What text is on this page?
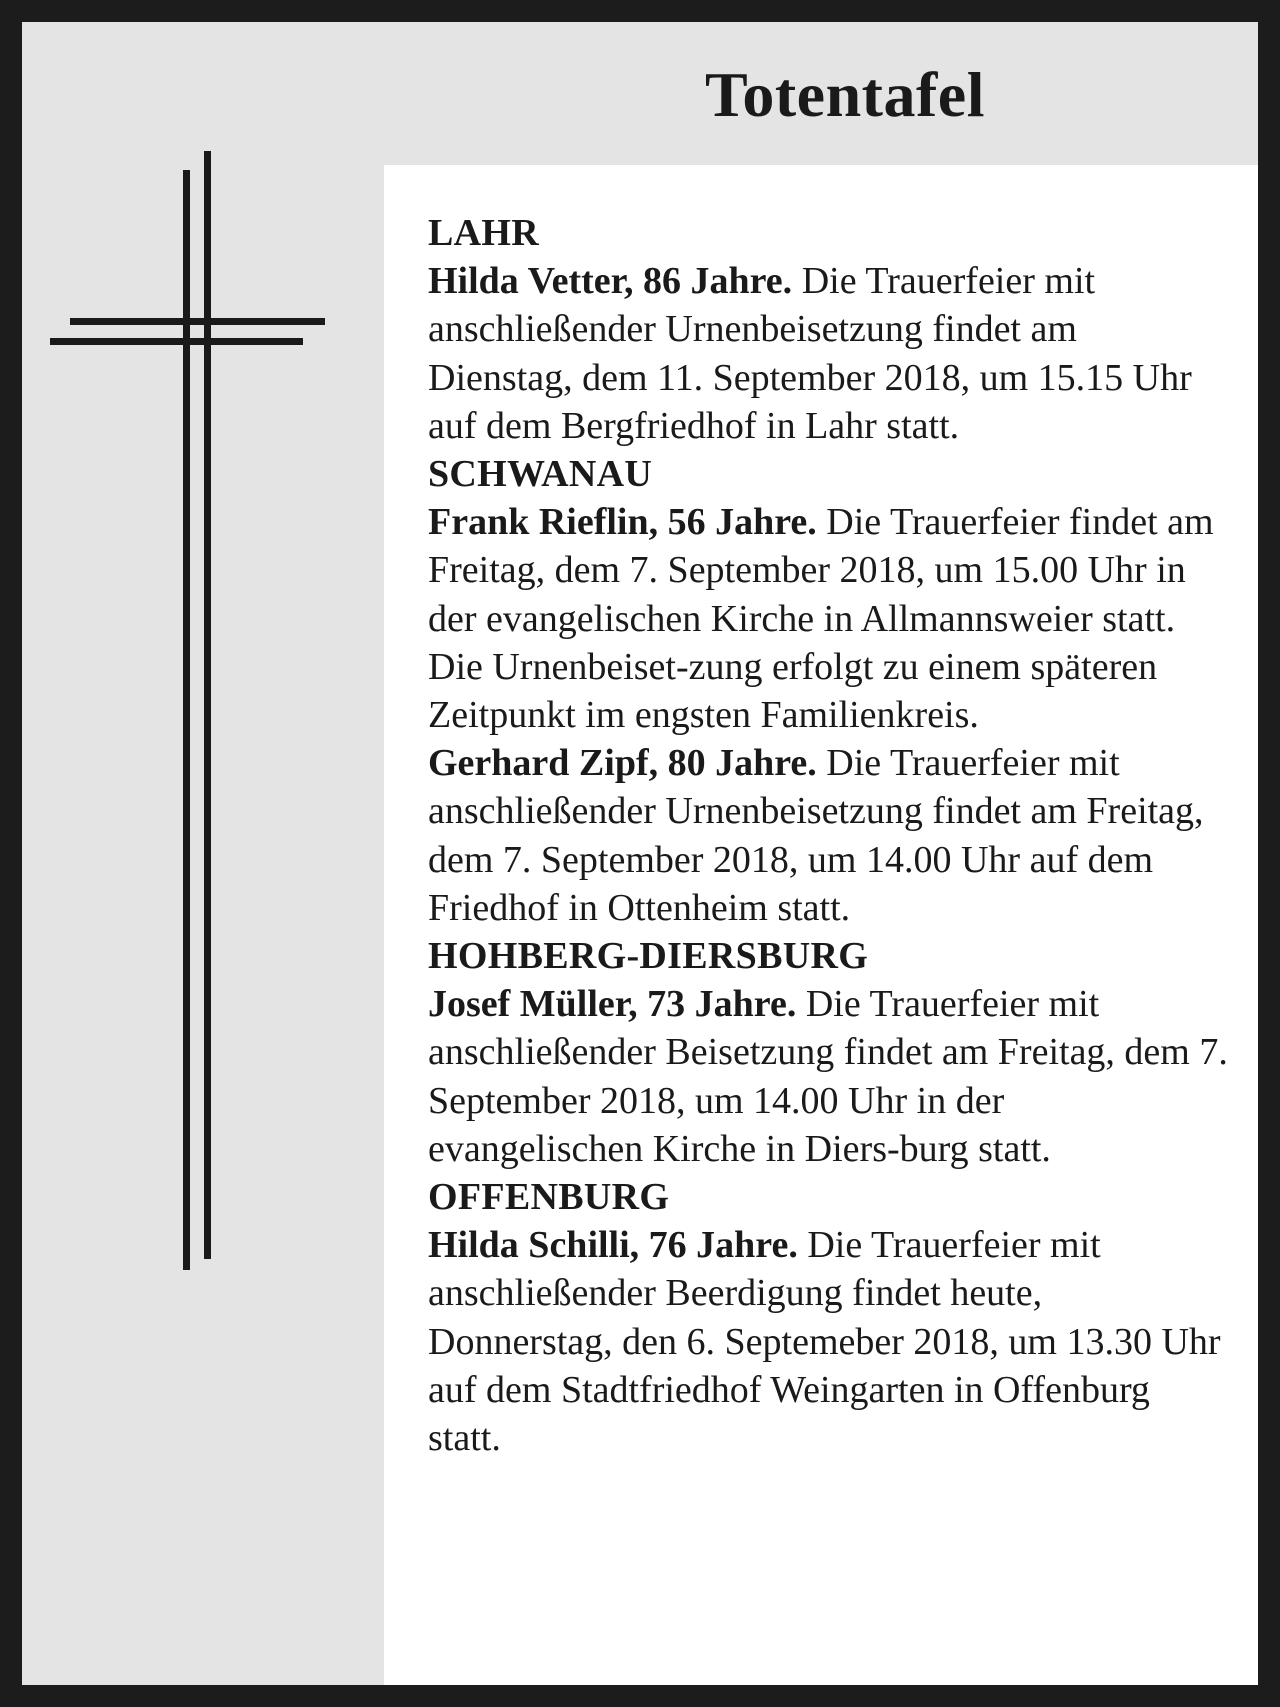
Totentafel
LAHR
Hilda Vetter, 86 Jahre. Die Trauerfeier mit anschließender Urnenbeisetzung findet am Dienstag, dem 11. September 2018, um 15.15 Uhr auf dem Bergfriedhof in Lahr statt.
SCHWANAU
Frank Rieflin, 56 Jahre. Die Trauerfeier findet am Freitag, dem 7. September 2018, um 15.00 Uhr in der evangelischen Kirche in Allmannsweier statt. Die Urnenbeiset-zung erfolgt zu einem späteren Zeitpunkt im engsten Familienkreis.
Gerhard Zipf, 80 Jahre. Die Trauerfeier mit anschließender Urnenbeisetzung findet am Freitag, dem 7. September 2018, um 14.00 Uhr auf dem Friedhof in Ottenheim statt.
HOHBERG-DIERSBURG
Josef Müller, 73 Jahre. Die Trauerfeier mit anschließender Beisetzung findet am Freitag, dem 7. September 2018, um 14.00 Uhr in der evangelischen Kirche in Diers-burg statt.
OFFENBURG
Hilda Schilli, 76 Jahre. Die Trauerfeier mit anschließender Beerdigung findet heute, Donnerstag, den 6. Septemeber 2018, um 13.30 Uhr auf dem Stadtfriedhof Weingarten in Offenburg statt.
